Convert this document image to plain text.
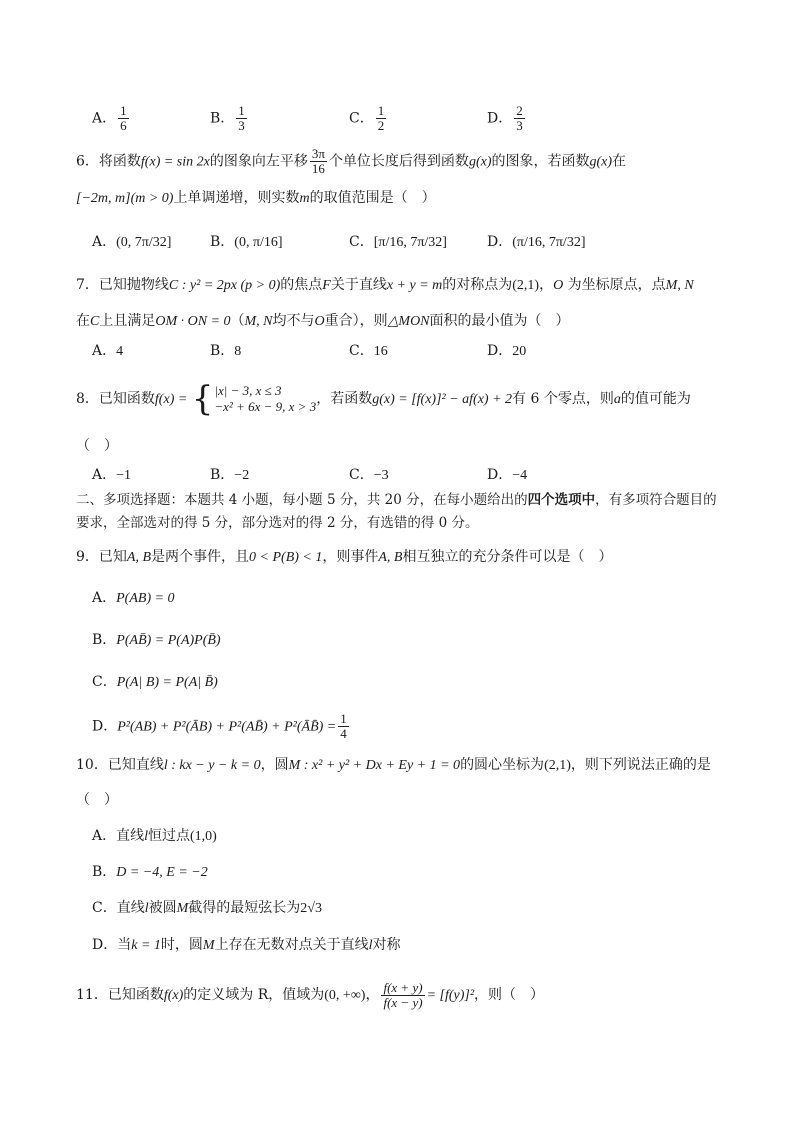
A． $\frac{1}{6}$	B． $\frac{1}{3}$	C． $\frac{1}{2}$	D． $\frac{2}{3}$
6．将函数f(x) = sin 2x的图象向左平移 $\frac{3\pi}{16}$ 个单位长度后得到函数g(x)的图象，若函数g(x)在
[−2m, m](m > 0)上单调递增，则实数m的取值范围是（　）
A．(0, 7π/32]	B．(0, π/16]	C．[π/16, 7π/32]	D．(π/16, 7π/32]
7．已知抛物线C : y² = 2px (p > 0)的焦点F关于直线x + y = m的对称点为(2,1)，O 为坐标原点，点M, N
在C上且满足OM · ON = 0（M, N均不与O重合），则△MON面积的最小值为（　）
A．4	B．8	C．16	D．20
8．已知函数f(x) = { |x| − 3, x ≤ 3
−x² + 6x − 9, x > 3 ，若函数g(x) = [f(x)]² − af(x) + 2有 6 个零点，则a的值可能为
（　）
A．−1	B．−2	C．−3	D．−4
二、多项选择题：本题共 4 小题，每小题 5 分，共 20 分，在每小题给出的四个选项中，有多项符合题目的
要求，全部选对的得 5 分，部分选对的得 2 分，有选错的得 0 分。
9．已知A, B是两个事件，且0 < P(B) < 1，则事件A, B相互独立的充分条件可以是（　）
A．P(AB) = 0
B．P(AB̄) = P(A)P(B̄)
C．P(A| B) = P(A| B̄)
D．P²(AB) + P²(ĀB) + P²(AB̄) + P²(ĀB̄) = $\frac{1}{4}$
10．已知直线l : kx − y − k = 0，圆M : x² + y² + Dx + Ey + 1 = 0的圆心坐标为(2,1)，则下列说法正确的是
（　）
A．直线l恒过点(1,0)
B．D = −4, E = −2
C．直线l被圆M截得的最短弦长为2√3
D．当k = 1时，圆M上存在无数对点关于直线l对称
11．已知函数f(x)的定义域为 R，值域为(0, +∞)， $\frac{f(x + y)}{f(x - y)} = [f(y)]^2$，则（　）
